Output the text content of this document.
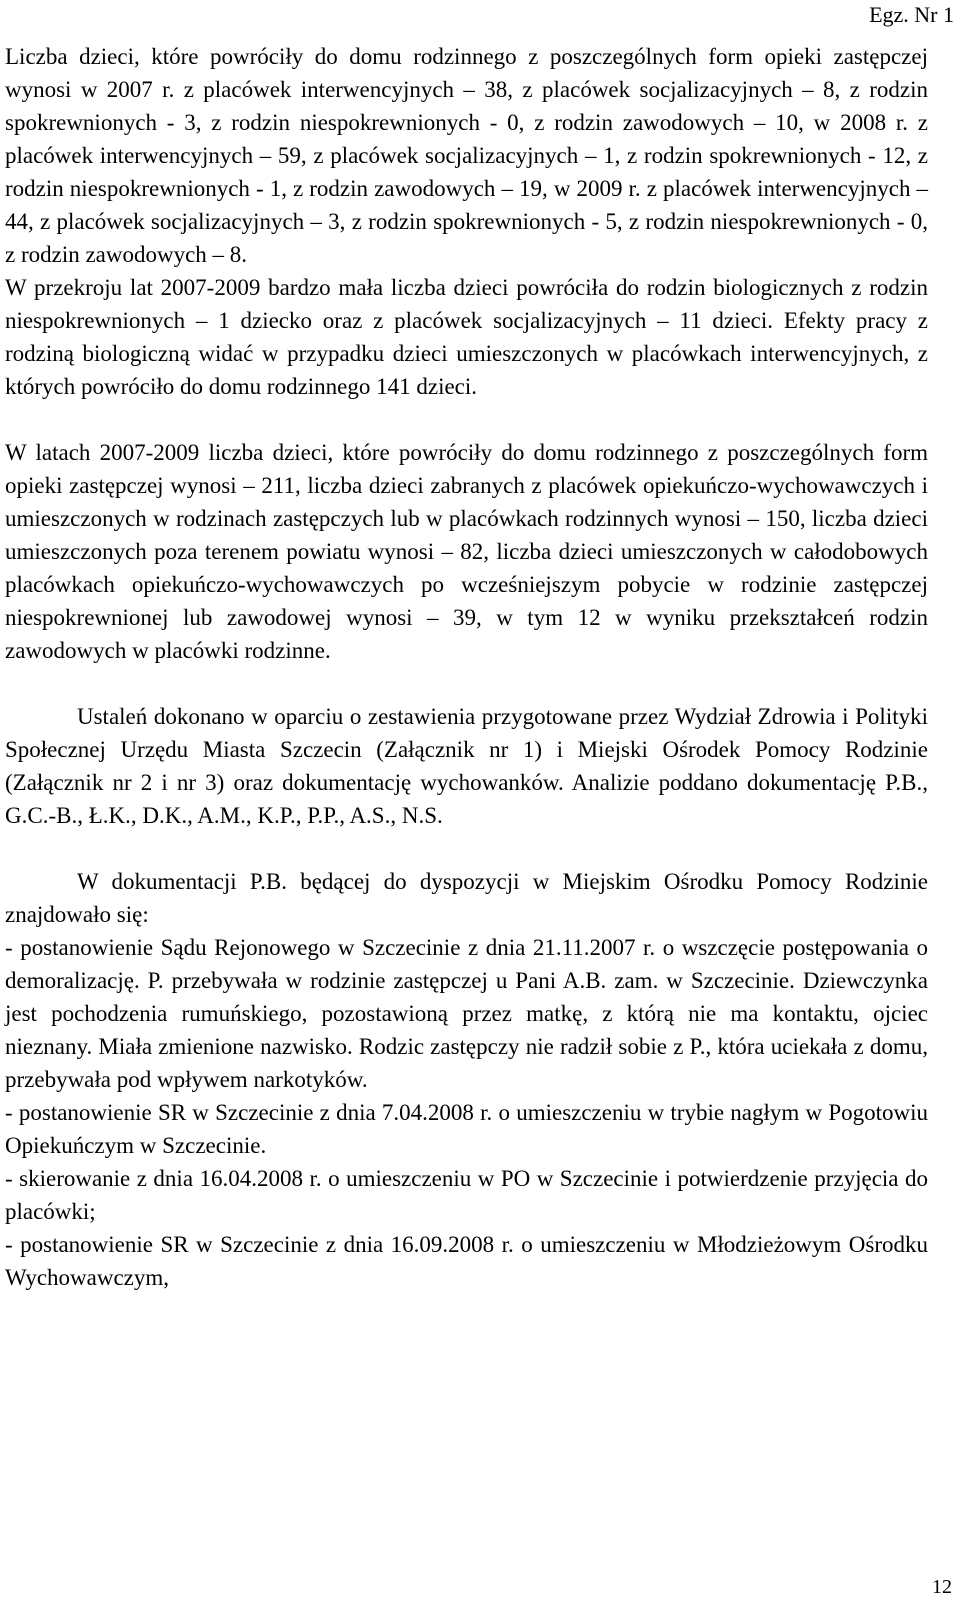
Egz. Nr 1

Liczba dzieci, które powróciły do domu rodzinnego z poszczególnych form opieki zastępczej wynosi w 2007 r. z placówek interwencyjnych – 38, z placówek socjalizacyjnych – 8, z rodzin spokrewnionych - 3, z rodzin niespokrewnionych - 0, z rodzin zawodowych – 10, w 2008 r. z placówek interwencyjnych – 59, z placówek socjalizacyjnych – 1, z rodzin spokrewnionych - 12, z rodzin niespokrewnionych - 1, z rodzin zawodowych – 19, w 2009 r. z placówek interwencyjnych – 44, z placówek socjalizacyjnych – 3, z rodzin spokrewnionych - 5, z rodzin niespokrewnionych - 0, z rodzin zawodowych – 8.

W przekroju lat 2007-2009 bardzo mała liczba dzieci powróciła do rodzin biologicznych z rodzin niespokrewnionych – 1 dziecko oraz z placówek socjalizacyjnych – 11 dzieci. Efekty pracy z rodziną biologiczną widać w przypadku dzieci umieszczonych w placówkach interwencyjnych, z których powróciło do domu rodzinnego 141 dzieci.

W latach 2007-2009 liczba dzieci, które powróciły do domu rodzinnego z poszczególnych form opieki zastępczej wynosi – 211, liczba dzieci zabranych z placówek opiekuńczo-wychowawczych i umieszczonych w rodzinach zastępczych lub w placówkach rodzinnych wynosi – 150, liczba dzieci umieszczonych poza terenem powiatu wynosi – 82, liczba dzieci umieszczonych w całodobowych placówkach opiekuńczo-wychowawczych po wcześniejszym pobycie w rodzinie zastępczej niespokrewnionej lub zawodowej wynosi – 39, w tym 12 w wyniku przekształceń rodzin zawodowych w placówki rodzinne.

Ustaleń dokonano w oparciu o zestawienia przygotowane przez Wydział Zdrowia i Polityki Społecznej Urzędu Miasta Szczecin (Załącznik nr 1) i Miejski Ośrodek Pomocy Rodzinie (Załącznik nr 2 i nr 3) oraz dokumentację wychowanków. Analizie poddano dokumentację P.B., G.C.-B., Ł.K., D.K., A.M., K.P., P.P., A.S., N.S.

W dokumentacji P.B. będącej do dyspozycji w Miejskim Ośrodku Pomocy Rodzinie znajdowało się:

- postanowienie Sądu Rejonowego w Szczecinie z dnia 21.11.2007 r. o wszczęcie postępowania o demoralizację. P. przebywała w rodzinie zastępczej u Pani A.B. zam. w Szczecinie. Dziewczynka jest pochodzenia rumuńskiego, pozostawioną przez matkę, z którą nie ma kontaktu, ojciec nieznany. Miała zmienione nazwisko. Rodzic zastępczy nie radził sobie z P., która uciekała z domu, przebywała pod wpływem narkotyków.

- postanowienie SR w Szczecinie z dnia 7.04.2008 r. o umieszczeniu w trybie nagłym w Pogotowiu Opiekuńczym w Szczecinie.

- skierowanie z dnia 16.04.2008 r. o umieszczeniu w PO w Szczecinie i potwierdzenie przyjęcia do placówki;

- postanowienie SR w Szczecinie z dnia 16.09.2008 r. o umieszczeniu w Młodzieżowym Ośrodku Wychowawczym,

12
